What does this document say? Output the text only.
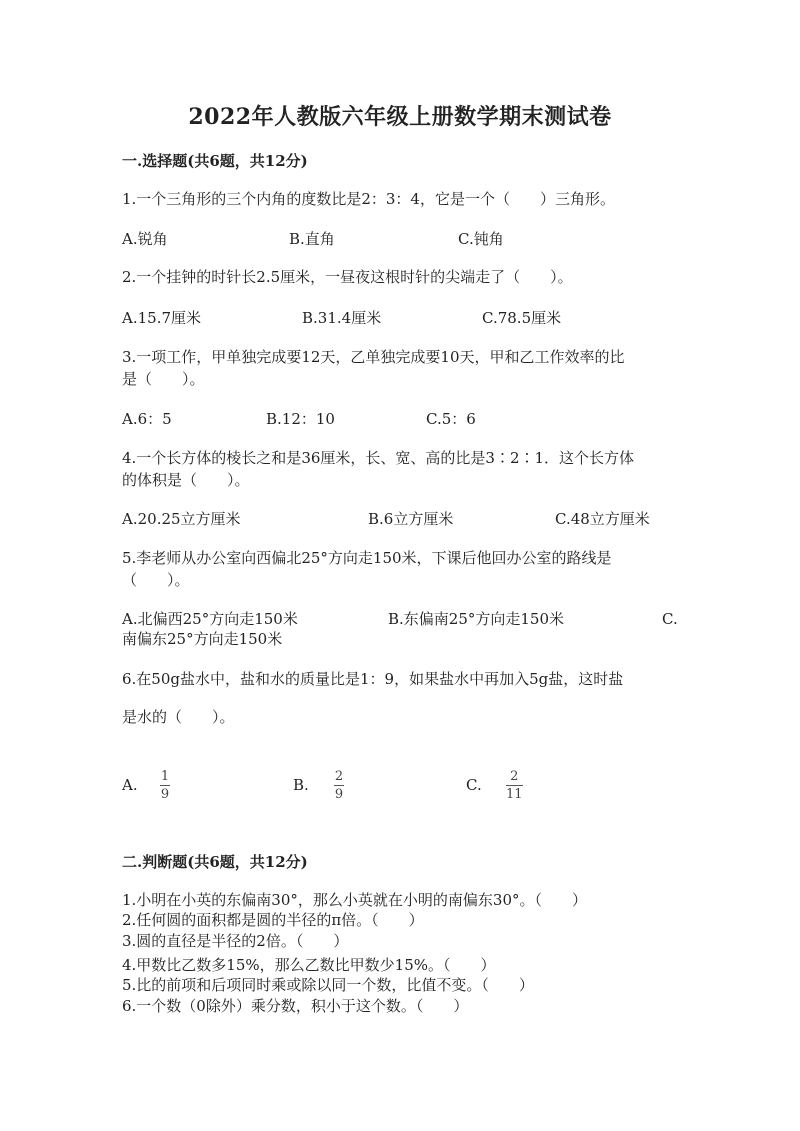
2022年人教版六年级上册数学期末测试卷
一.选择题(共6题，共12分)
1.一个三角形的三个内角的度数比是2：3：4，它是一个（　　）三角形。
A.锐角	B.直角	C.钝角
2.一个挂钟的时针长2.5厘米，一昼夜这根时针的尖端走了（　　）。
A.15.7厘米	B.31.4厘米	C.78.5厘米
3.一项工作，甲单独完成要12天，乙单独完成要10天，甲和乙工作效率的比
是（　　）。
A.6：5	B.12：10	C.5：6
4.一个长方体的棱长之和是36厘米，长、宽、高的比是3∶2∶1．这个长方体
的体积是（　　）。
A.20.25立方厘米	B.6立方厘米	C.48立方厘米
5.李老师从办公室向西偏北25°方向走150米，下课后他回办公室的路线是
（　　）。
A.北偏西25°方向走150米	B.东偏南25°方向走150米	C.
南偏东25°方向走150米
6.在50g盐水中，盐和水的质量比是1：9，如果盐水中再加入5g盐，这时盐
是水的（　　）。
A. $\frac{1}{9}$	B. $\frac{2}{9}$	C. $\frac{2}{11}$
二.判断题(共6题，共12分)
1.小明在小英的东偏南30°，那么小英就在小明的南偏东30°。（　　）
2.任何圆的面积都是圆的半径的π倍。（　　）
3.圆的直径是半径的2倍。（　　）
4.甲数比乙数多15%，那么乙数比甲数少15%。（　　）
5.比的前项和后项同时乘或除以同一个数，比值不变。（　　）
6.一个数（0除外）乘分数，积小于这个数。（　　）
